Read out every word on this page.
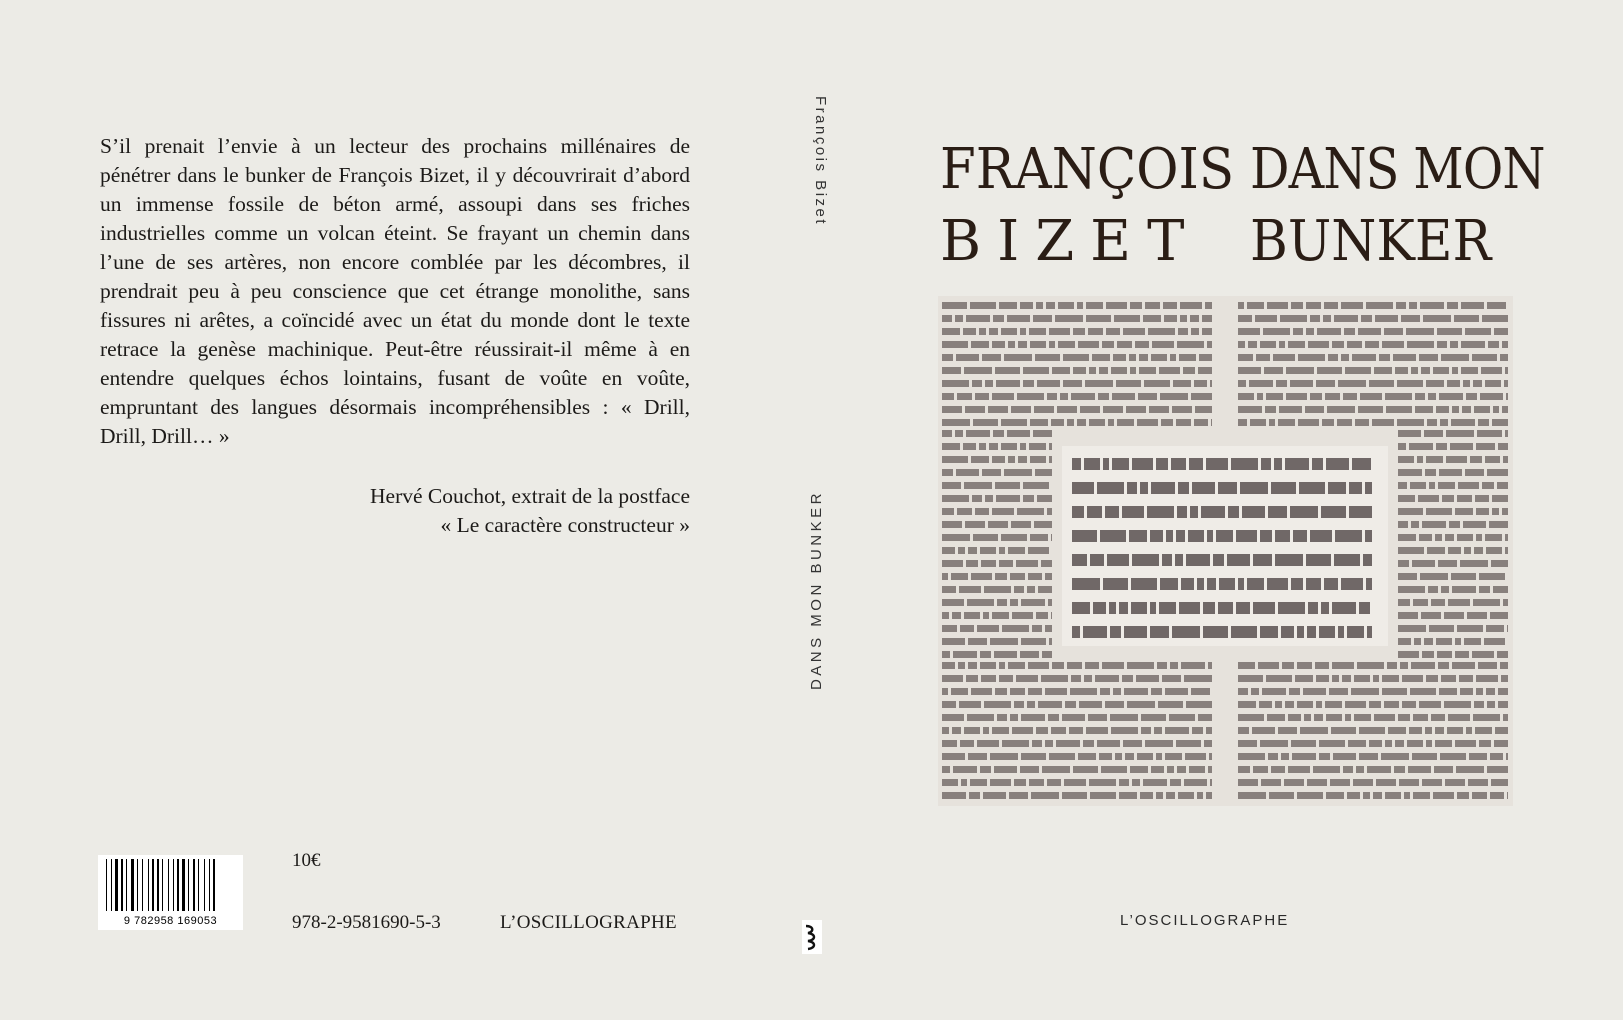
S’il prenait l’envie à un lecteur des prochains millénaires de pénétrer dans le bunker de François Bizet, il y découvrirait d’abord un immense fossile de béton armé, assoupi dans ses friches industrielles comme un volcan éteint. Se frayant un chemin dans l’une de ses artères, non encore comblée par les décombres, il prendrait peu à peu conscience que cet étrange monolithe, sans fissures ni arêtes, a coïncidé avec un état du monde dont le texte retrace la genèse machinique. Peut-être réussirait-il même à en entendre quelques échos lointains, fusant de voûte en voûte, empruntant des langues désormais incompréhensibles : « Drill, Drill, Drill… »

Hervé Couchot, extrait de la postface
« Le caractère constructeur »
9 782958 169053
10€
978-2-9581690-5-3	L’OSCILLOGRAPHE
François Bizet
DANS MON BUNKER
FRANÇOIS
BIZET
DANS MON
BUNKER
L’OSCILLOGRAPHE
